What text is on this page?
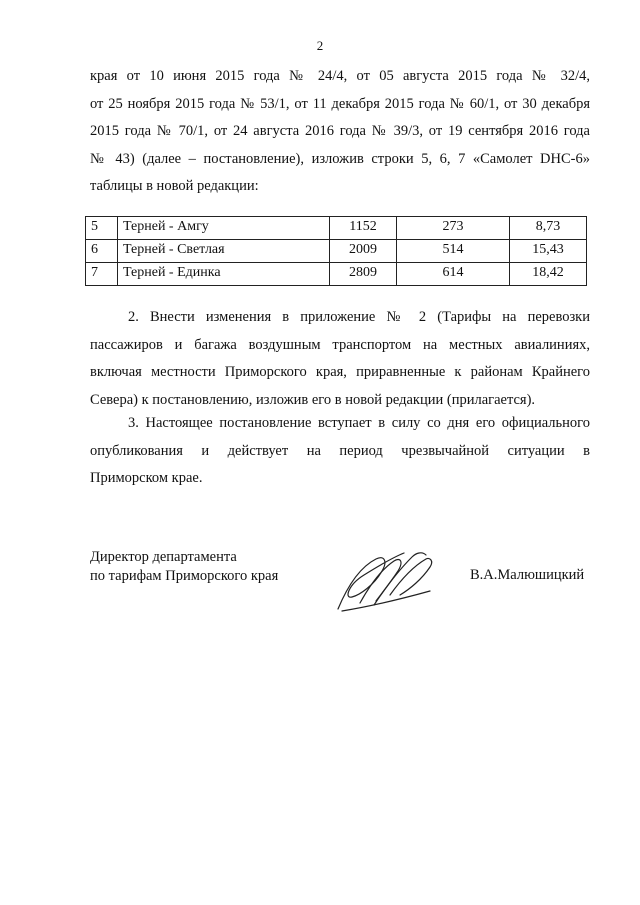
2

края от 10 июня 2015 года № 24/4, от 05 августа 2015 года № 32/4,
от 25 ноября 2015 года № 53/1, от 11 декабря 2015 года № 60/1, от 30 декабря
2015 года № 70/1, от 24 августа 2016 года № 39/3, от 19 сентября 2016 года
№ 43) (далее – постановление), изложив строки 5, 6, 7 «Самолет DHC-6»
таблицы в новой редакции:

5	Терней - Амгу	1152	273	8,73
6	Терней - Светлая	2009	514	15,43
7	Терней - Единка	2809	614	18,42

2. Внести изменения в приложение № 2 (Тарифы на перевозки
пассажиров и багажа воздушным транспортом на местных авиалиниях,
включая местности Приморского края, приравненные к районам Крайнего
Севера) к постановлению, изложив его в новой редакции (прилагается).

3. Настоящее постановление вступает в силу со дня его официального
опубликования и действует на период чрезвычайной ситуации в
Приморском крае.

Директор департамента
по тарифам Приморского края	В.А.Малюшицкий
